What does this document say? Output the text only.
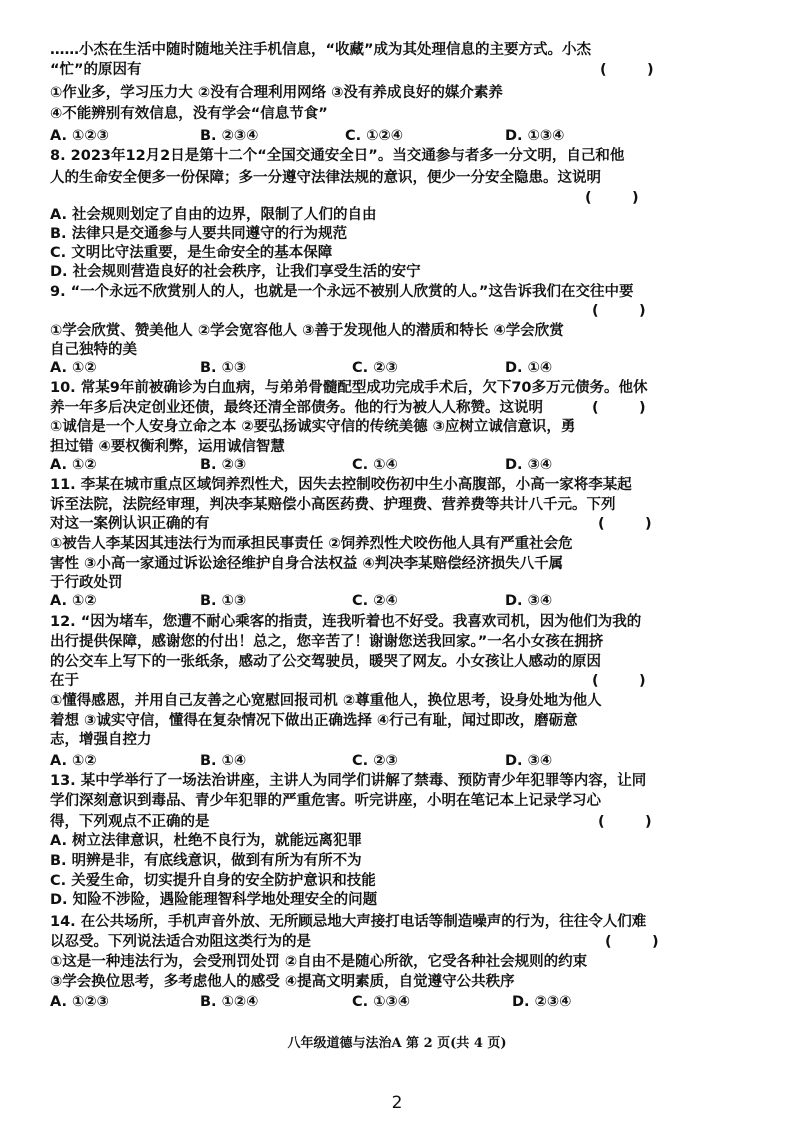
……小杰在生活中随时随地关注手机信息，“收藏”成为其处理信息的主要方式。小杰
“忙”的原因有	(        )
①作业多，学习压力大 ②没有合理利用网络 ③没有养成良好的媒介素养
④不能辨别有效信息，没有学会“信息节食”
A. ①②③	B. ②③④	C. ①②④	D. ①③④
8. 2023年12月2日是第十二个“全国交通安全日”。当交通参与者多一分文明，自己和他
人的生命安全便多一份保障；多一分遵守法律法规的意识，便少一分安全隐患。这说明
(        )
A. 社会规则划定了自由的边界，限制了人们的自由
B. 法律只是交通参与人要共同遵守的行为规范
C. 文明比守法重要，是生命安全的基本保障
D. 社会规则营造良好的社会秩序，让我们享受生活的安宁
9. “一个永远不欣赏别人的人，也就是一个永远不被别人欣赏的人。”这告诉我们在交往中要
(        )
①学会欣赏、赞美他人 ②学会宽容他人 ③善于发现他人的潜质和特长 ④学会欣赏
自己独特的美
A. ①②	B. ①③	C. ②③	D. ①④
10. 常某9年前被确诊为白血病，与弟弟骨髓配型成功完成手术后，欠下70多万元债务。他休
养一年多后决定创业还债，最终还清全部债务。他的行为被人人称赞。这说明	(        )
①诚信是一个人安身立命之本 ②要弘扬诚实守信的传统美德 ③应树立诚信意识，勇
担过错 ④要权衡利弊，运用诚信智慧
A. ①②	B. ②③	C. ①④	D. ③④
11. 李某在城市重点区域饲养烈性犬，因失去控制咬伤初中生小高腹部，小高一家将李某起
诉至法院，法院经审理，判决李某赔偿小高医药费、护理费、营养费等共计八千元。下列
对这一案例认识正确的有	(        )
①被告人李某因其违法行为而承担民事责任 ②饲养烈性犬咬伤他人具有严重社会危
害性 ③小高一家通过诉讼途径维护自身合法权益 ④判决李某赔偿经济损失八千属
于行政处罚
A. ①②	B. ①③	C. ②④	D. ③④
12. “因为堵车，您遭不耐心乘客的指责，连我听着也不好受。我喜欢司机，因为他们为我的
出行提供保障，感谢您的付出！总之，您辛苦了！谢谢您送我回家。”一名小女孩在拥挤
的公交车上写下的一张纸条，感动了公交驾驶员，暖哭了网友。小女孩让人感动的原因
在于	(        )
①懂得感恩，并用自己友善之心宽慰回报司机 ②尊重他人，换位思考，设身处地为他人
着想 ③诚实守信，懂得在复杂情况下做出正确选择 ④行己有耻，闻过即改，磨砺意
志，增强自控力
A. ①②	B. ①④	C. ②③	D. ③④
13. 某中学举行了一场法治讲座，主讲人为同学们讲解了禁毒、预防青少年犯罪等内容，让同
学们深刻意识到毒品、青少年犯罪的严重危害。听完讲座，小明在笔记本上记录学习心
得，下列观点不正确的是	(        )
A. 树立法律意识，杜绝不良行为，就能远离犯罪
B. 明辨是非，有底线意识，做到有所为有所不为
C. 关爱生命，切实提升自身的安全防护意识和技能
D. 知险不涉险，遇险能理智科学地处理安全的问题
14. 在公共场所，手机声音外放、无所顾忌地大声接打电话等制造噪声的行为，往往令人们难
以忍受。下列说法适合劝阻这类行为的是	(        )
①这是一种违法行为，会受刑罚处罚 ②自由不是随心所欲，它受各种社会规则的约束
③学会换位思考，多考虑他人的感受 ④提高文明素质，自觉遵守公共秩序
A. ①②③	B. ①②④	C. ①③④	D. ②③④
八年级道德与法治A 第 2 页(共 4 页)
2
